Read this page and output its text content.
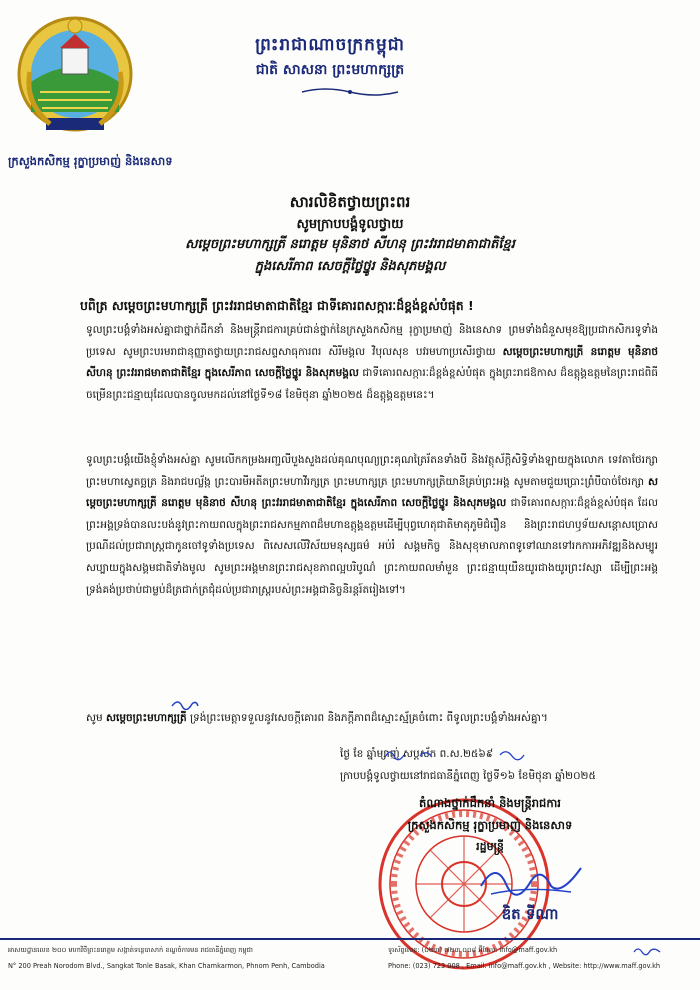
ព្រះរាជាណាចក្រកម្ពុជា
ជាតិ សាសនា ព្រះមហាក្សត្រ
ក្រសួងកសិកម្ម រុក្ខាប្រមាញ់ និងនេសាទ
សារលិខិតថ្វាយព្រះពរ
សូមក្រាបបង្គំទូលថ្វាយ
សម្តេចព្រះមហាក្សត្រី នរោត្តម មុនិនាថ សីហនុ ព្រះវររាជមាតាជាតិខ្មែរ
ក្នុងសេរីភាព សេចក្តីថ្លៃថ្នូរ និងសុភមង្គល
បពិត្រ សម្តេចព្រះមហាក្សត្រី ព្រះវររាជមាតាជាតិខ្មែរ ជាទីគោរពសក្ការៈដ៏ខ្ពង់ខ្ពស់បំផុត !
ទូលព្រះបង្គំទាំងអស់គ្នាជាថ្នាក់ដឹកនាំ និងមន្ត្រីរាជការគ្រប់ជាន់ថ្នាក់នៃក្រសួងកសិកម្ម រុក្ខាប្រមាញ់ និងនេសាទ ព្រមទាំងជំនួសមុខឱ្យប្រជាកសិករទូទាំងប្រទេស សូមព្រះបរមរាជានុញ្ញាតថ្វាយព្រះរាជសព្ទសាធុការពរ សិរីមង្គល វិបុលសុខ បវរមហាប្រសើរថ្វាយ សម្តេចព្រះមហាក្សត្រី នរោត្តម មុនិនាថ សីហនុ ព្រះវររាជមាតាជាតិខ្មែរ ក្នុងសេរីភាព សេចក្តីថ្លៃថ្នូរ និងសុភមង្គល ជាទីគោរពសក្ការៈដ៏ខ្ពង់ខ្ពស់បំផុត ក្នុងព្រះរាជឱកាស ដ៏ឧត្តុង្គឧត្តមនៃព្រះរាជពិធីចម្រើនព្រះជន្មាយុដែលបានចូលមកដល់នៅថ្ងៃទី១៨ ខែមិថុនា ឆ្នាំ២០២៥ ដ៏ឧត្តុង្គឧត្តមនេះ។
ទូលព្រះបង្គំយើងខ្ញុំទាំងអស់គ្នា សូមលើកកម្រងអញ្ជលីបួងសួងដល់គុណបុណ្យព្រះគុណត្រៃរ័តនទាំងបី និងវត្ថុស័ក្តិសិទ្ធិទាំងឡាយក្នុងលោក ទេវតាថែរក្សាព្រះមហាស្វេតច្ឆត្រ និងរាជបល្ល័ង្ក ព្រះបារមីអតីតព្រះមហាវីរក្សត្រ ព្រះមហាក្សត្រ ព្រះមហាក្សត្រិយានីគ្រប់ព្រះអង្គ សូមតាមជួយប្រោះព្រំបីបាច់ថែរក្សា សម្តេចព្រះមហាក្សត្រី នរោត្តម មុនិនាថ សីហនុ ព្រះវររាជមាតាជាតិខ្មែរ ក្នុងសេរីភាព សេចក្តីថ្លៃថ្នូរ និងសុភមង្គល ជាទីគោរពសក្ការៈដ៏ខ្ពង់ខ្ពស់បំផុត ដែលព្រះអង្គទ្រង់បានលះបង់នូវព្រះកាយពលក្នុងព្រះរាជសកម្មភាពដ៏មហាឧត្តុង្គឧត្តមដើម្បីបុព្វហេតុជាតិមាតុភូមិជំរឿន និងព្រះរាជហឫទ័យសន្ដោសប្រោសប្រណីដល់ប្រជារាស្ត្រជាកូនចៅទូទាំងប្រទេស ពិសេសលើវិស័យមនុស្សធម៌ អប់រំ សង្គមកិច្ច និងសុខុមាលភាពទូទៅឈានទៅរកការអភិវឌ្ឍនិងសម្បូរសប្បាយក្នុងសង្គមជាតិទាំងមូល សូមព្រះអង្គមានព្រះរាជសុខភាពល្អបរិបូណ៌ ព្រះកាយពលមាំមួន ព្រះជន្មាយុយឺនយូរជាងយូរព្រះវស្សា ដើម្បីព្រះអង្គទ្រង់គង់ប្រថាប់ជាម្លប់ដ៏ត្រជាក់ត្រជុំដល់ប្រជារាស្ត្ររបស់ព្រះអង្គជានិច្ចនិរន្តរ៍តរៀងទៅ។
សូម សម្តេចព្រះមហាក្សត្រី ទ្រង់ព្រះមេត្តាទទួលនូវសេចក្តីគោរព និងភក្តីភាពដ៏ស្មោះស្ម័គ្រចំពោះ ពីទូលព្រះបង្គំទាំងអស់គ្នា។
ថ្ងៃ ខែ ឆ្នាំម្សាញ់ សប្តស័ក ព.ស.២៥៦៩
ក្រាបបង្គំទូលថ្វាយនៅរាជធានីភ្នំពេញ ថ្ងៃទី១៦ ខែមិថុនា ឆ្នាំ២០២៥
តំណាងថ្នាក់ដឹកនាំ និងមន្ត្រីរាជការ
ក្រសួងកសិកម្ម រុក្ខាប្រមាញ់ និងនេសាទ
រដ្ឋមន្ត្រី
ឌិត ទីណា
អាសយដ្ឋានលេខ ២០០ មហាវិថីព្រះនរោត្តម សង្កាត់ទន្លេបាសាក់ ខណ្ឌចំការមន រាជធានីភ្នំពេញ កម្ពុជា
N° 200 Preah Norodom Blvd., Sangkat Tonle Basak, Khan Chamkarmon, Phnom Penh, Cambodia
ទូរស័ព្ទលេខ: (០២៣) ៧២៣ ០០៨ អ៊ីមែល: info@maff.gov.kh
Phone: (023) 723 008 , Email: info@maff.gov.kh , Website: http://www.maff.gov.kh
